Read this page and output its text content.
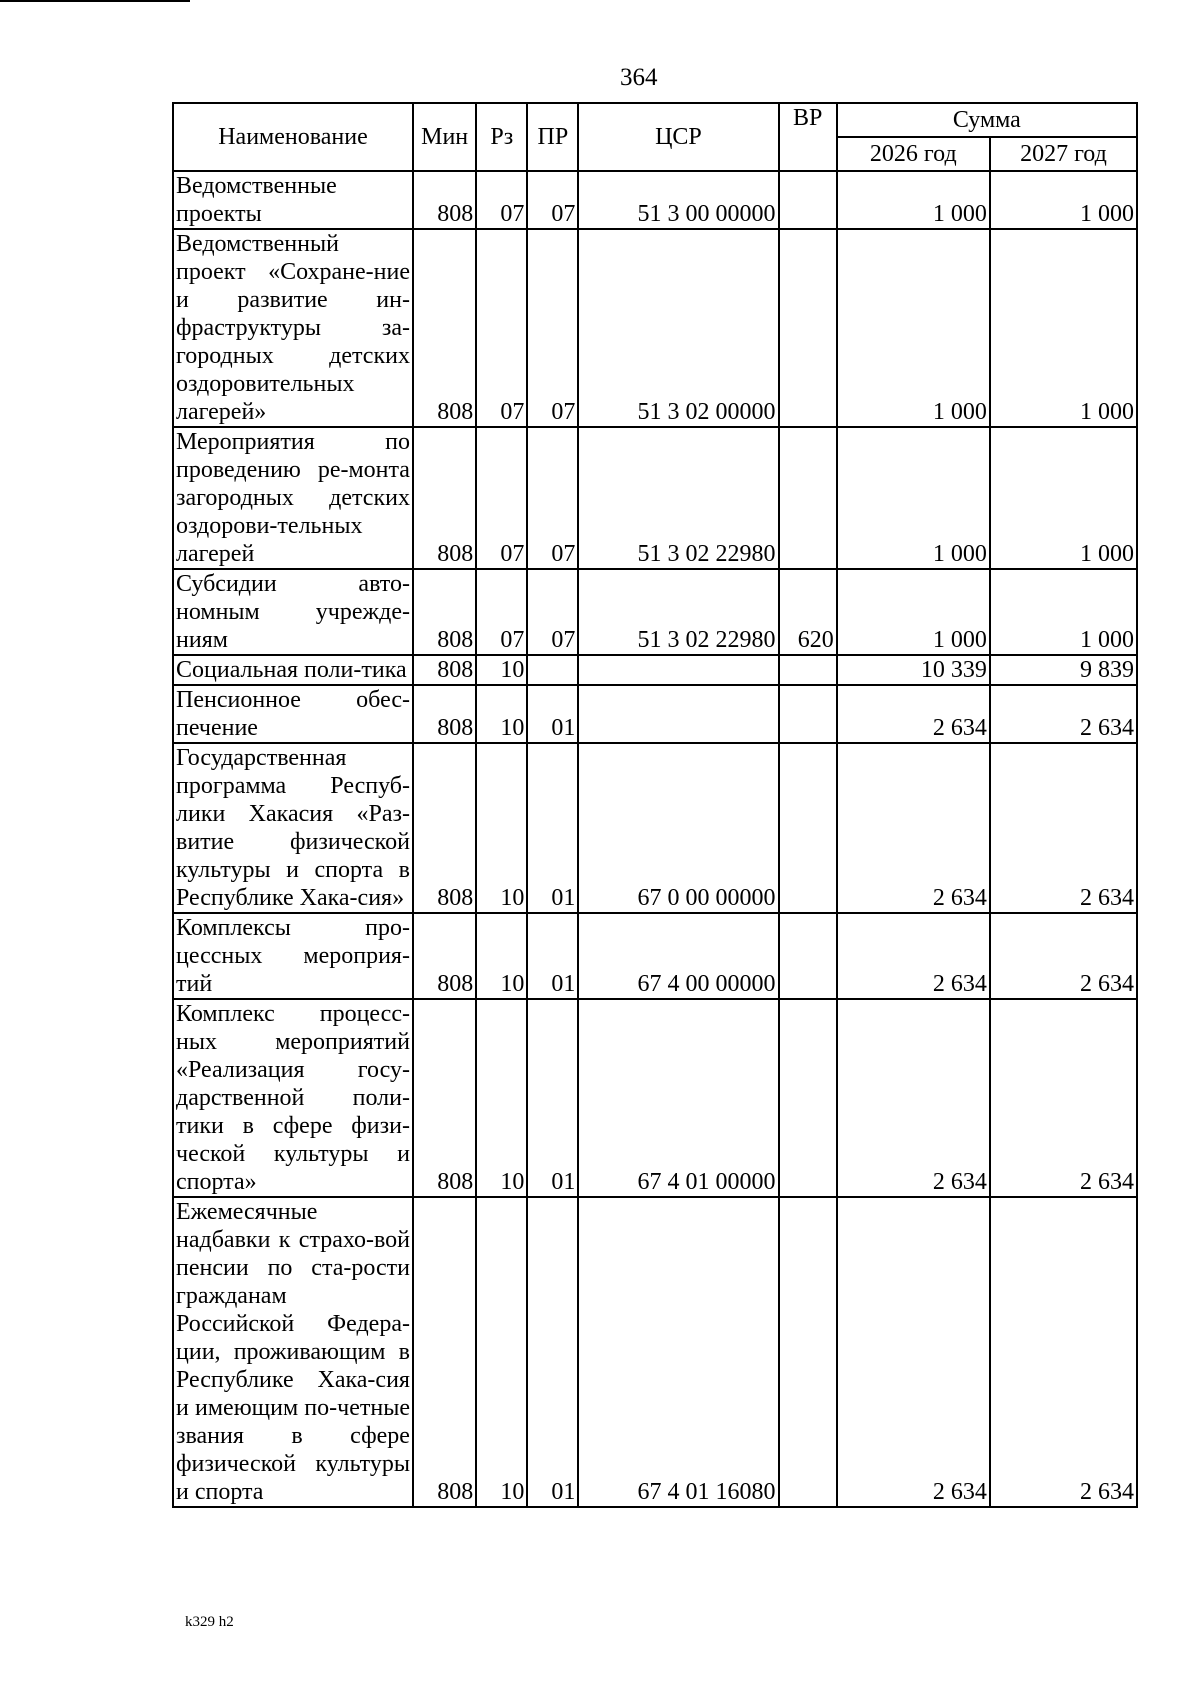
364
Наименование	Мин	Рз	ПР	ЦСР	ВР	Сумма	
						2026 год	2027 год
Ведомственные проекты	808	07	07	51 3 00 00000		1 000	1 000
Ведомственный проект «Сохране-ние и развитие ин-фраструктуры за-городных детских оздоровительных лагерей»	808	07	07	51 3 02 00000		1 000	1 000
Мероприятия по проведению ре-монта загородных детских оздорови-тельных лагерей	808	07	07	51 3 02 22980		1 000	1 000
Субсидии авто-номным учрежде-ниям	808	07	07	51 3 02 22980	620	1 000	1 000
Социальная поли-тика	808	10				10 339	9 839
Пенсионное обес-печение	808	10	01			2 634	2 634
Государственная программа Респуб-лики Хакасия «Раз-витие физической культуры и спорта в Республике Хака-сия»	808	10	01	67 0 00 00000		2 634	2 634
Комплексы про-цессных мероприя-тий	808	10	01	67 4 00 00000		2 634	2 634
Комплекс процесс-ных мероприятий «Реализация госу-дарственной поли-тики в сфере физи-ческой культуры и спорта»	808	10	01	67 4 01 00000		2 634	2 634
Ежемесячные надбавки к страхо-вой пенсии по ста-рости гражданам Российской Федера-ции, проживающим в Республике Хака-сия и имеющим по-четные звания в сфере физической культуры и спорта	808	10	01	67 4 01 16080		2 634	2 634
k329 h2
